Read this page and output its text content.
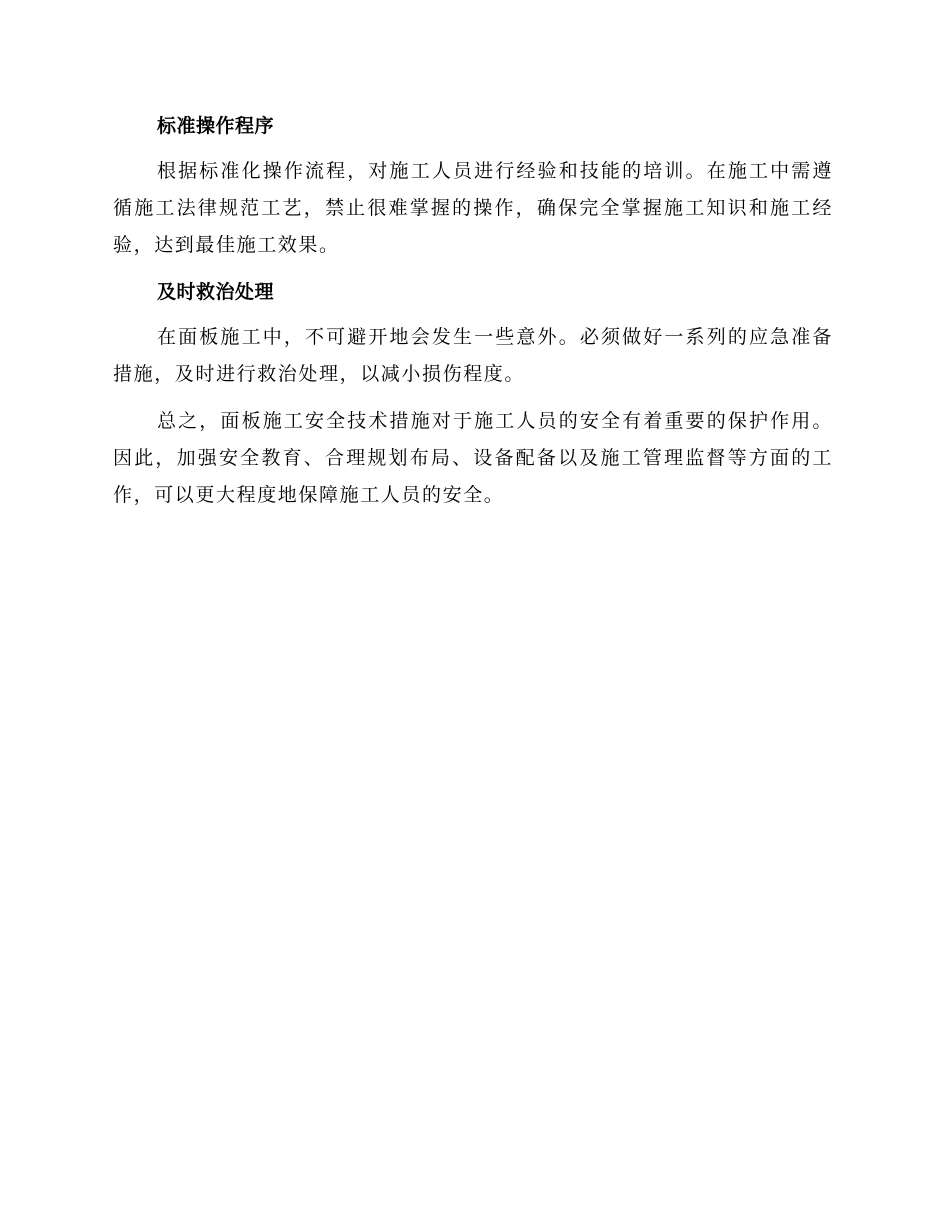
标准操作程序

根据标准化操作流程，对施工人员进行经验和技能的培训。在施工中需遵循施工法律规范工艺，禁止很难掌握的操作，确保完全掌握施工知识和施工经验，达到最佳施工效果。

及时救治处理

在面板施工中，不可避开地会发生一些意外。必须做好一系列的应急准备措施，及时进行救治处理，以减小损伤程度。

总之，面板施工安全技术措施对于施工人员的安全有着重要的保护作用。因此，加强安全教育、合理规划布局、设备配备以及施工管理监督等方面的工作，可以更大程度地保障施工人员的安全。
